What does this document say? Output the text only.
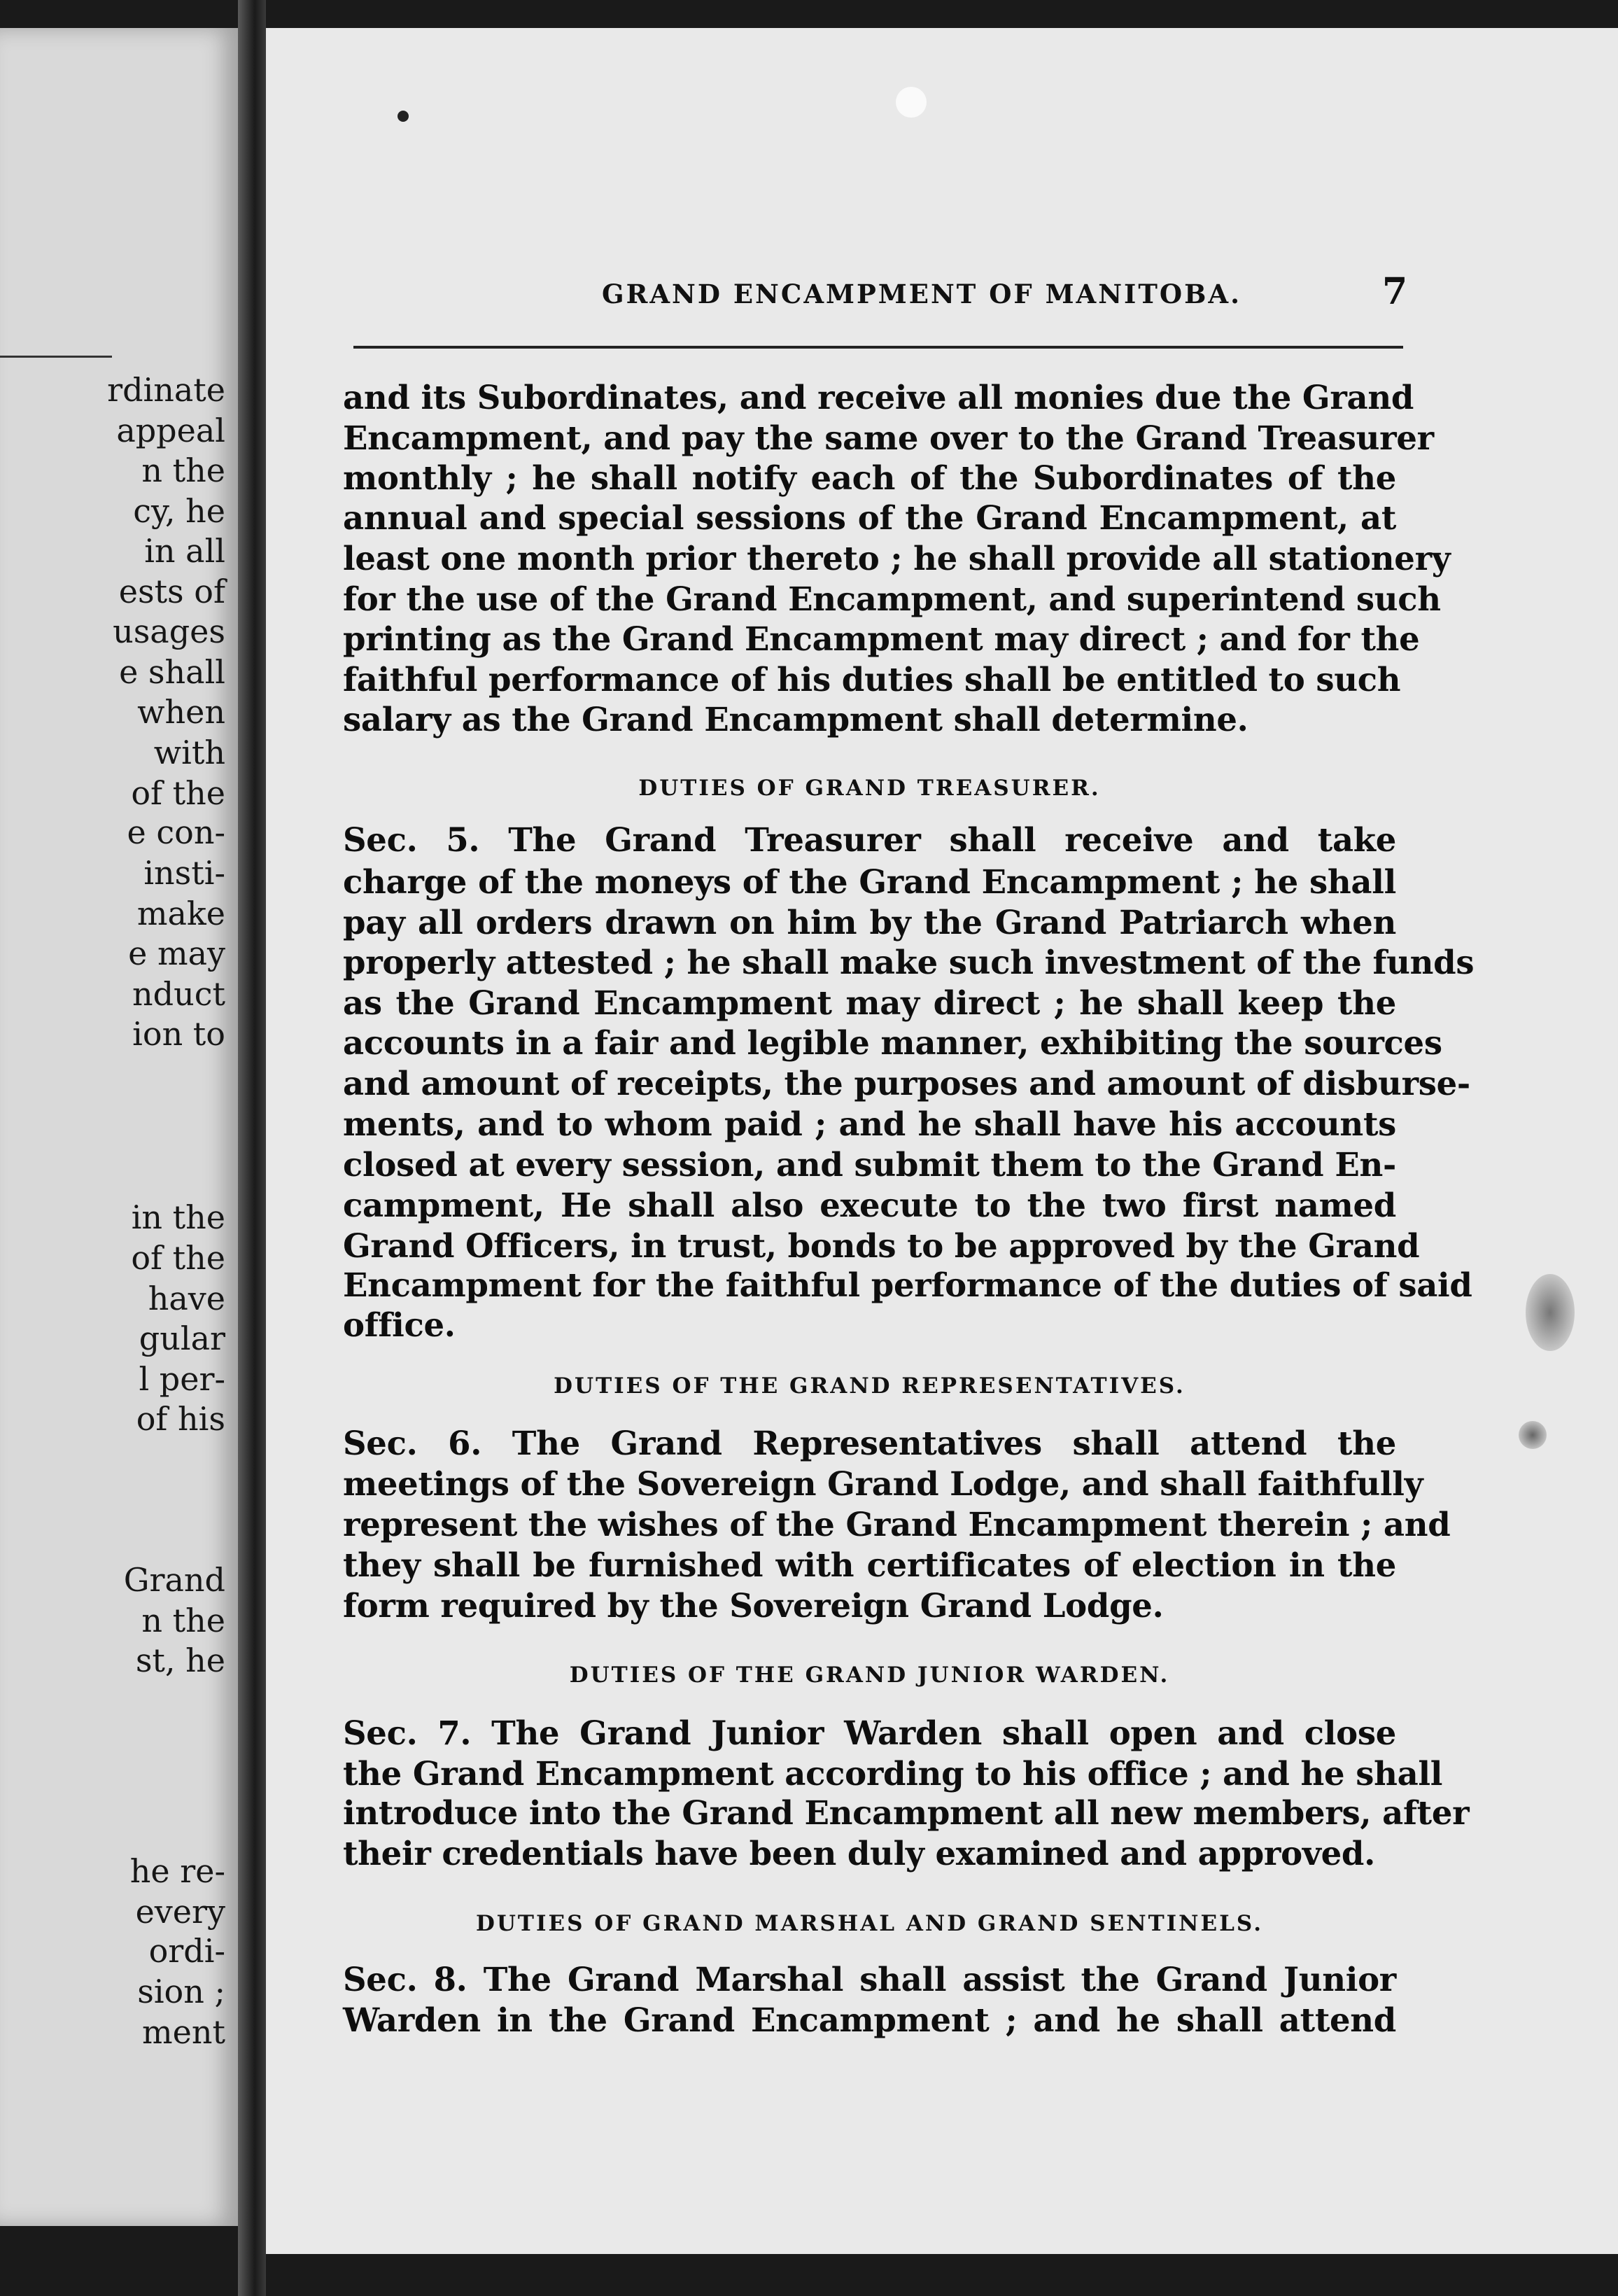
rdinate
appeal
n the
cy, he
in all
ests of
usages
e shall
when
with
of the
e con-
insti-
make
e may
nduct
ion to
in the
of the
have
gular
l per-
of his
Grand
n the
st, he
he re-
every
ordi-
sion ;
ment
GRAND ENCAMPMENT OF MANITOBA.	7
and its Subordinates, and receive all monies due the Grand
Encampment, and pay the same over to the Grand Treasurer
monthly ; he shall notify each of the Subordinates of the
annual and special sessions of the Grand Encampment, at
least one month prior thereto ; he shall provide all stationery
for the use of the Grand Encampment, and superintend such
printing as the Grand Encampment may direct ; and for the
faithful performance of his duties shall be entitled to such
salary as the Grand Encampment shall determine.
DUTIES OF GRAND TREASURER.
Sec. 5. The Grand Treasurer shall receive and take
charge of the moneys of the Grand Encampment ; he shall
pay all orders drawn on him by the Grand Patriarch when
properly attested ; he shall make such investment of the funds
as the Grand Encampment may direct ; he shall keep the
accounts in a fair and legible manner, exhibiting the sources
and amount of receipts, the purposes and amount of disburse-
ments, and to whom paid ; and he shall have his accounts
closed at every session, and submit them to the Grand En-
campment, He shall also execute to the two first named
Grand Officers, in trust, bonds to be approved by the Grand
Encampment for the faithful performance of the duties of said
office.
DUTIES OF THE GRAND REPRESENTATIVES.
Sec. 6. The Grand Representatives shall attend the
meetings of the Sovereign Grand Lodge, and shall faithfully
represent the wishes of the Grand Encampment therein ; and
they shall be furnished with certificates of election in the
form required by the Sovereign Grand Lodge.
DUTIES OF THE GRAND JUNIOR WARDEN.
Sec. 7. The Grand Junior Warden shall open and close
the Grand Encampment according to his office ; and he shall
introduce into the Grand Encampment all new members, after
their credentials have been duly examined and approved.
DUTIES OF GRAND MARSHAL AND GRAND SENTINELS.
Sec. 8. The Grand Marshal shall assist the Grand Junior
Warden in the Grand Encampment ; and he shall attend
